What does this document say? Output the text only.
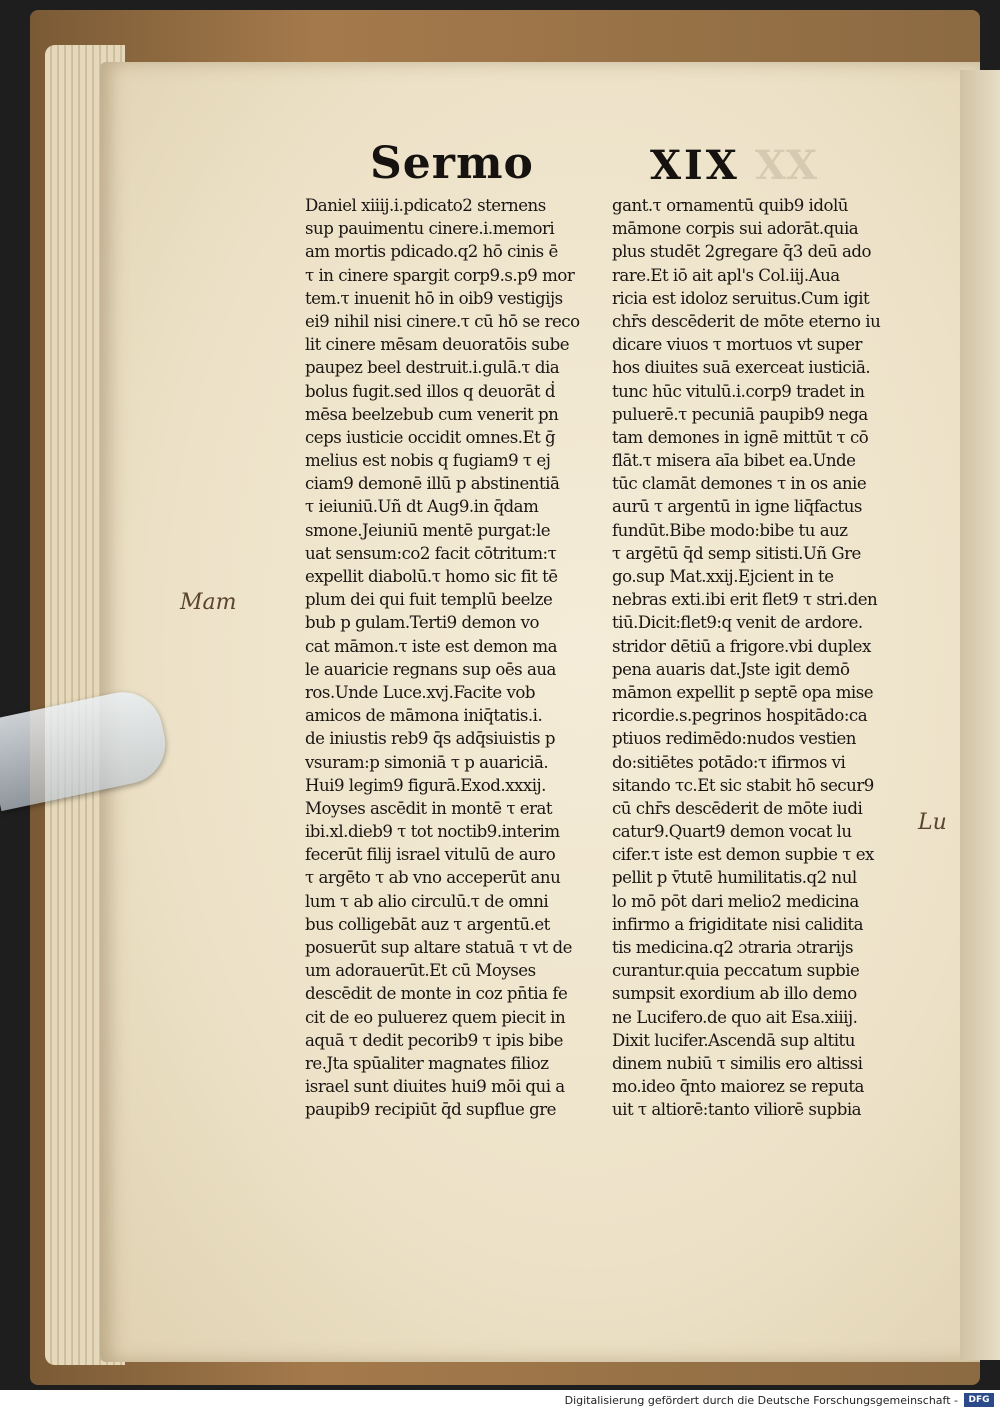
Sermo	XIX XX
Daniel xiiij.i.pdicato2 sternens
sup pauimentu cinere.i.memori
am mortis pdicado.q2 hō cinis ē
τ in cinere spargit corp9.s.p9 mor
tem.τ inuenit hō in oib9 vestigijs
ei9 nihil nisi cinere.τ cū hō se reco
lit cinere mēsam deuoratōis sube
paupez beel destruit.i.gulā.τ dia
bolus fugit.sed illos q deuorāt ḋ
mēsa beelzebub cum venerit pn
ceps iusticie occidit omnes.Et ḡ
melius est nobis q fugiam9 τ ej
ciam9 demonē illū p abstinentiā
τ ieiuniū.Uñ dt Aug9.in q̄dam
smone.Jeiuniū mentē purgat:le
uat sensum:co2 facit cōtritum:τ
expellit diabolū.τ homo sic fit tē
plum dei qui fuit templū beelze
bub p gulam.Terti9 demon vo
cat māmon.τ iste est demon ma
le auaricie regnans sup oēs aua
ros.Unde Luce.xvj.Facite vob
amicos de māmona iniq̄tatis.i.
de iniustis reb9 q̄s adq̄siuistis p
vsuram:p simoniā τ p auariciā.
Hui9 legim9 figurā.Exod.xxxij.
Moyses ascēdit in montē τ erat
ibi.xl.dieb9 τ tot noctib9.interim
fecerūt filij israel vitulū de auro
τ argēto τ ab vno acceperūt anu
lum τ ab alio circulū.τ de omni
bus colligebāt auz τ argentū.et
posuerūt sup altare statuā τ vt de
um adorauerūt.Et cū Moyses
descēdit de monte in coz pn̄tia fe
cit de eo puluerez quem piecit in
aquā τ dedit pecorib9 τ ipis bibe
re.Jta spūaliter magnates filioz
israel sunt diuites hui9 mōi qui a
paupib9 recipiūt q̄d supflue gre
gant.τ ornamentū quib9 idolū
māmone corpis sui adorāt.quia
plus studēt 2gregare q̄3 deū ado
rare.Et iō ait apl's Col.iij.Aua
ricia est idoloz seruitus.Cum igit
chr̄s descēderit de mōte eterno iu
dicare viuos τ mortuos vt super
hos diuites suā exerceat iusticiā.
tunc hūc vitulū.i.corp9 tradet in
puluerē.τ pecuniā paupib9 nega
tam demones in ignē mittūt τ cō
flāt.τ misera aīa bibet ea.Unde
tūc clamāt demones τ in os anie
aurū τ argentū in igne liq̄factus
fundūt.Bibe modo:bibe tu auz
τ argētū q̄d semp sitisti.Uñ Gre
go.sup Mat.xxij.Ejcient in te
nebras exti.ibi erit flet9 τ stri.den
tiū.Dicit:flet9:q venit de ardore.
stridor dētiū a frigore.vbi duplex
pena auaris dat.Jste igit demō
māmon expellit p septē opa mise
ricordie.s.pegrinos hospitādo:ca
ptiuos redimēdo:nudos vestien
do:sitiētes potādo:τ ifirmos vi
sitando τc.Et sic stabit hō secur9
cū chr̄s descēderit de mōte iudi
catur9.Quart9 demon vocat lu
cifer.τ iste est demon supbie τ ex
pellit p v̄tutē humilitatis.q2 nul
lo mō pōt dari melio2 medicina
infirmo a frigiditate nisi calidita
tis medicina.q2 ɔtraria ɔtrarijs
curantur.quia peccatum supbie
sumpsit exordium ab illo demo
ne Lucifero.de quo ait Esa.xiiij.
Dixit lucifer.Ascendā sup altitu
dinem nubiū τ similis ero altissi
mo.ideo q̄nto maiorez se reputa
uit τ altiorē:tanto viliorē supbia
Mam
Lu
Digitalisierung gefördert durch die Deutsche Forschungsgemeinschaft -	DFG
